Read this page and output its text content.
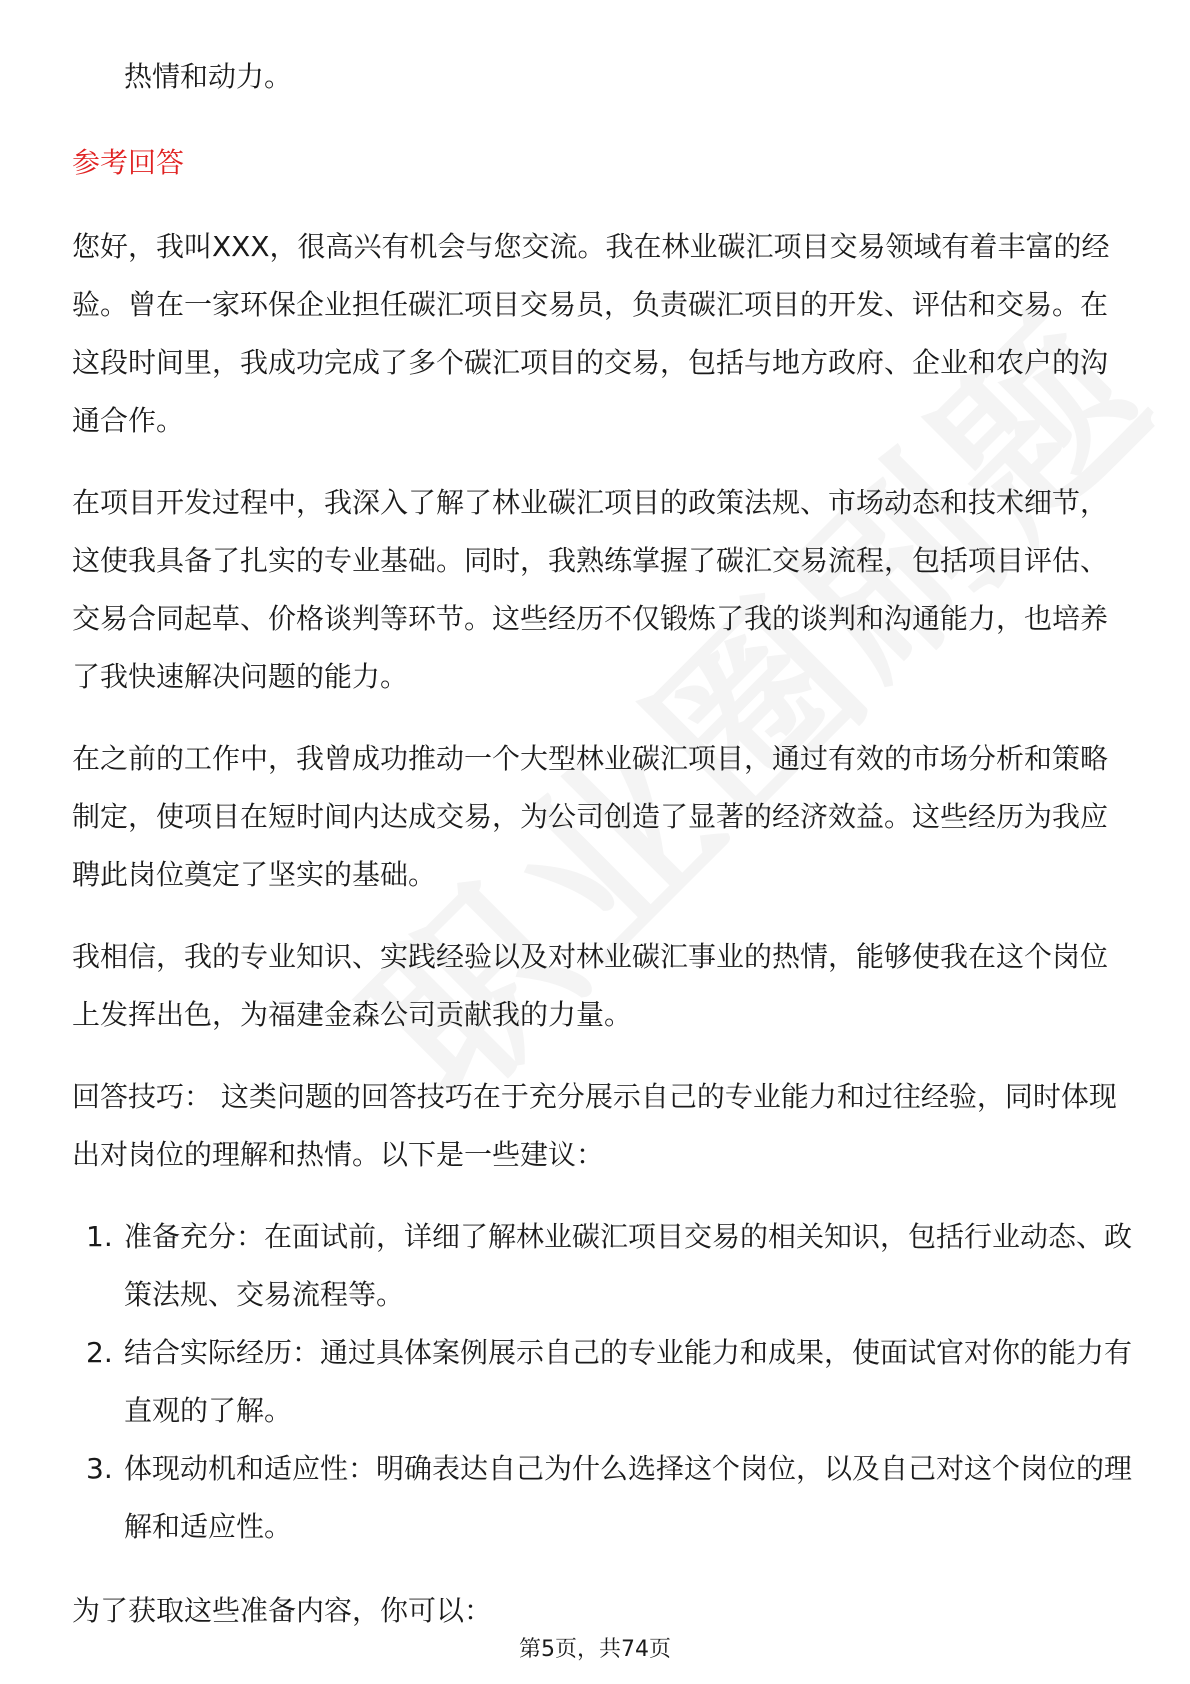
热情和动力。

参考回答

您好，我叫XXX，很高兴有机会与您交流。我在林业碳汇项目交易领域有着丰富的经验。曾在一家环保企业担任碳汇项目交易员，负责碳汇项目的开发、评估和交易。在这段时间里，我成功完成了多个碳汇项目的交易，包括与地方政府、企业和农户的沟通合作。

在项目开发过程中，我深入了解了林业碳汇项目的政策法规、市场动态和技术细节，这使我具备了扎实的专业基础。同时，我熟练掌握了碳汇交易流程，包括项目评估、交易合同起草、价格谈判等环节。这些经历不仅锻炼了我的谈判和沟通能力，也培养了我快速解决问题的能力。

在之前的工作中，我曾成功推动一个大型林业碳汇项目，通过有效的市场分析和策略制定，使项目在短时间内达成交易，为公司创造了显著的经济效益。这些经历为我应聘此岗位奠定了坚实的基础。

我相信，我的专业知识、实践经验以及对林业碳汇事业的热情，能够使我在这个岗位上发挥出色，为福建金森公司贡献我的力量。

回答技巧： 这类问题的回答技巧在于充分展示自己的专业能力和过往经验，同时体现出对岗位的理解和热情。以下是一些建议：

1. 准备充分：在面试前，详细了解林业碳汇项目交易的相关知识，包括行业动态、政策法规、交易流程等。
2. 结合实际经历：通过具体案例展示自己的专业能力和成果，使面试官对你的能力有直观的了解。
3. 体现动机和适应性：明确表达自己为什么选择这个岗位，以及自己对这个岗位的理解和适应性。

为了获取这些准备内容，你可以：

第5页，共74页
